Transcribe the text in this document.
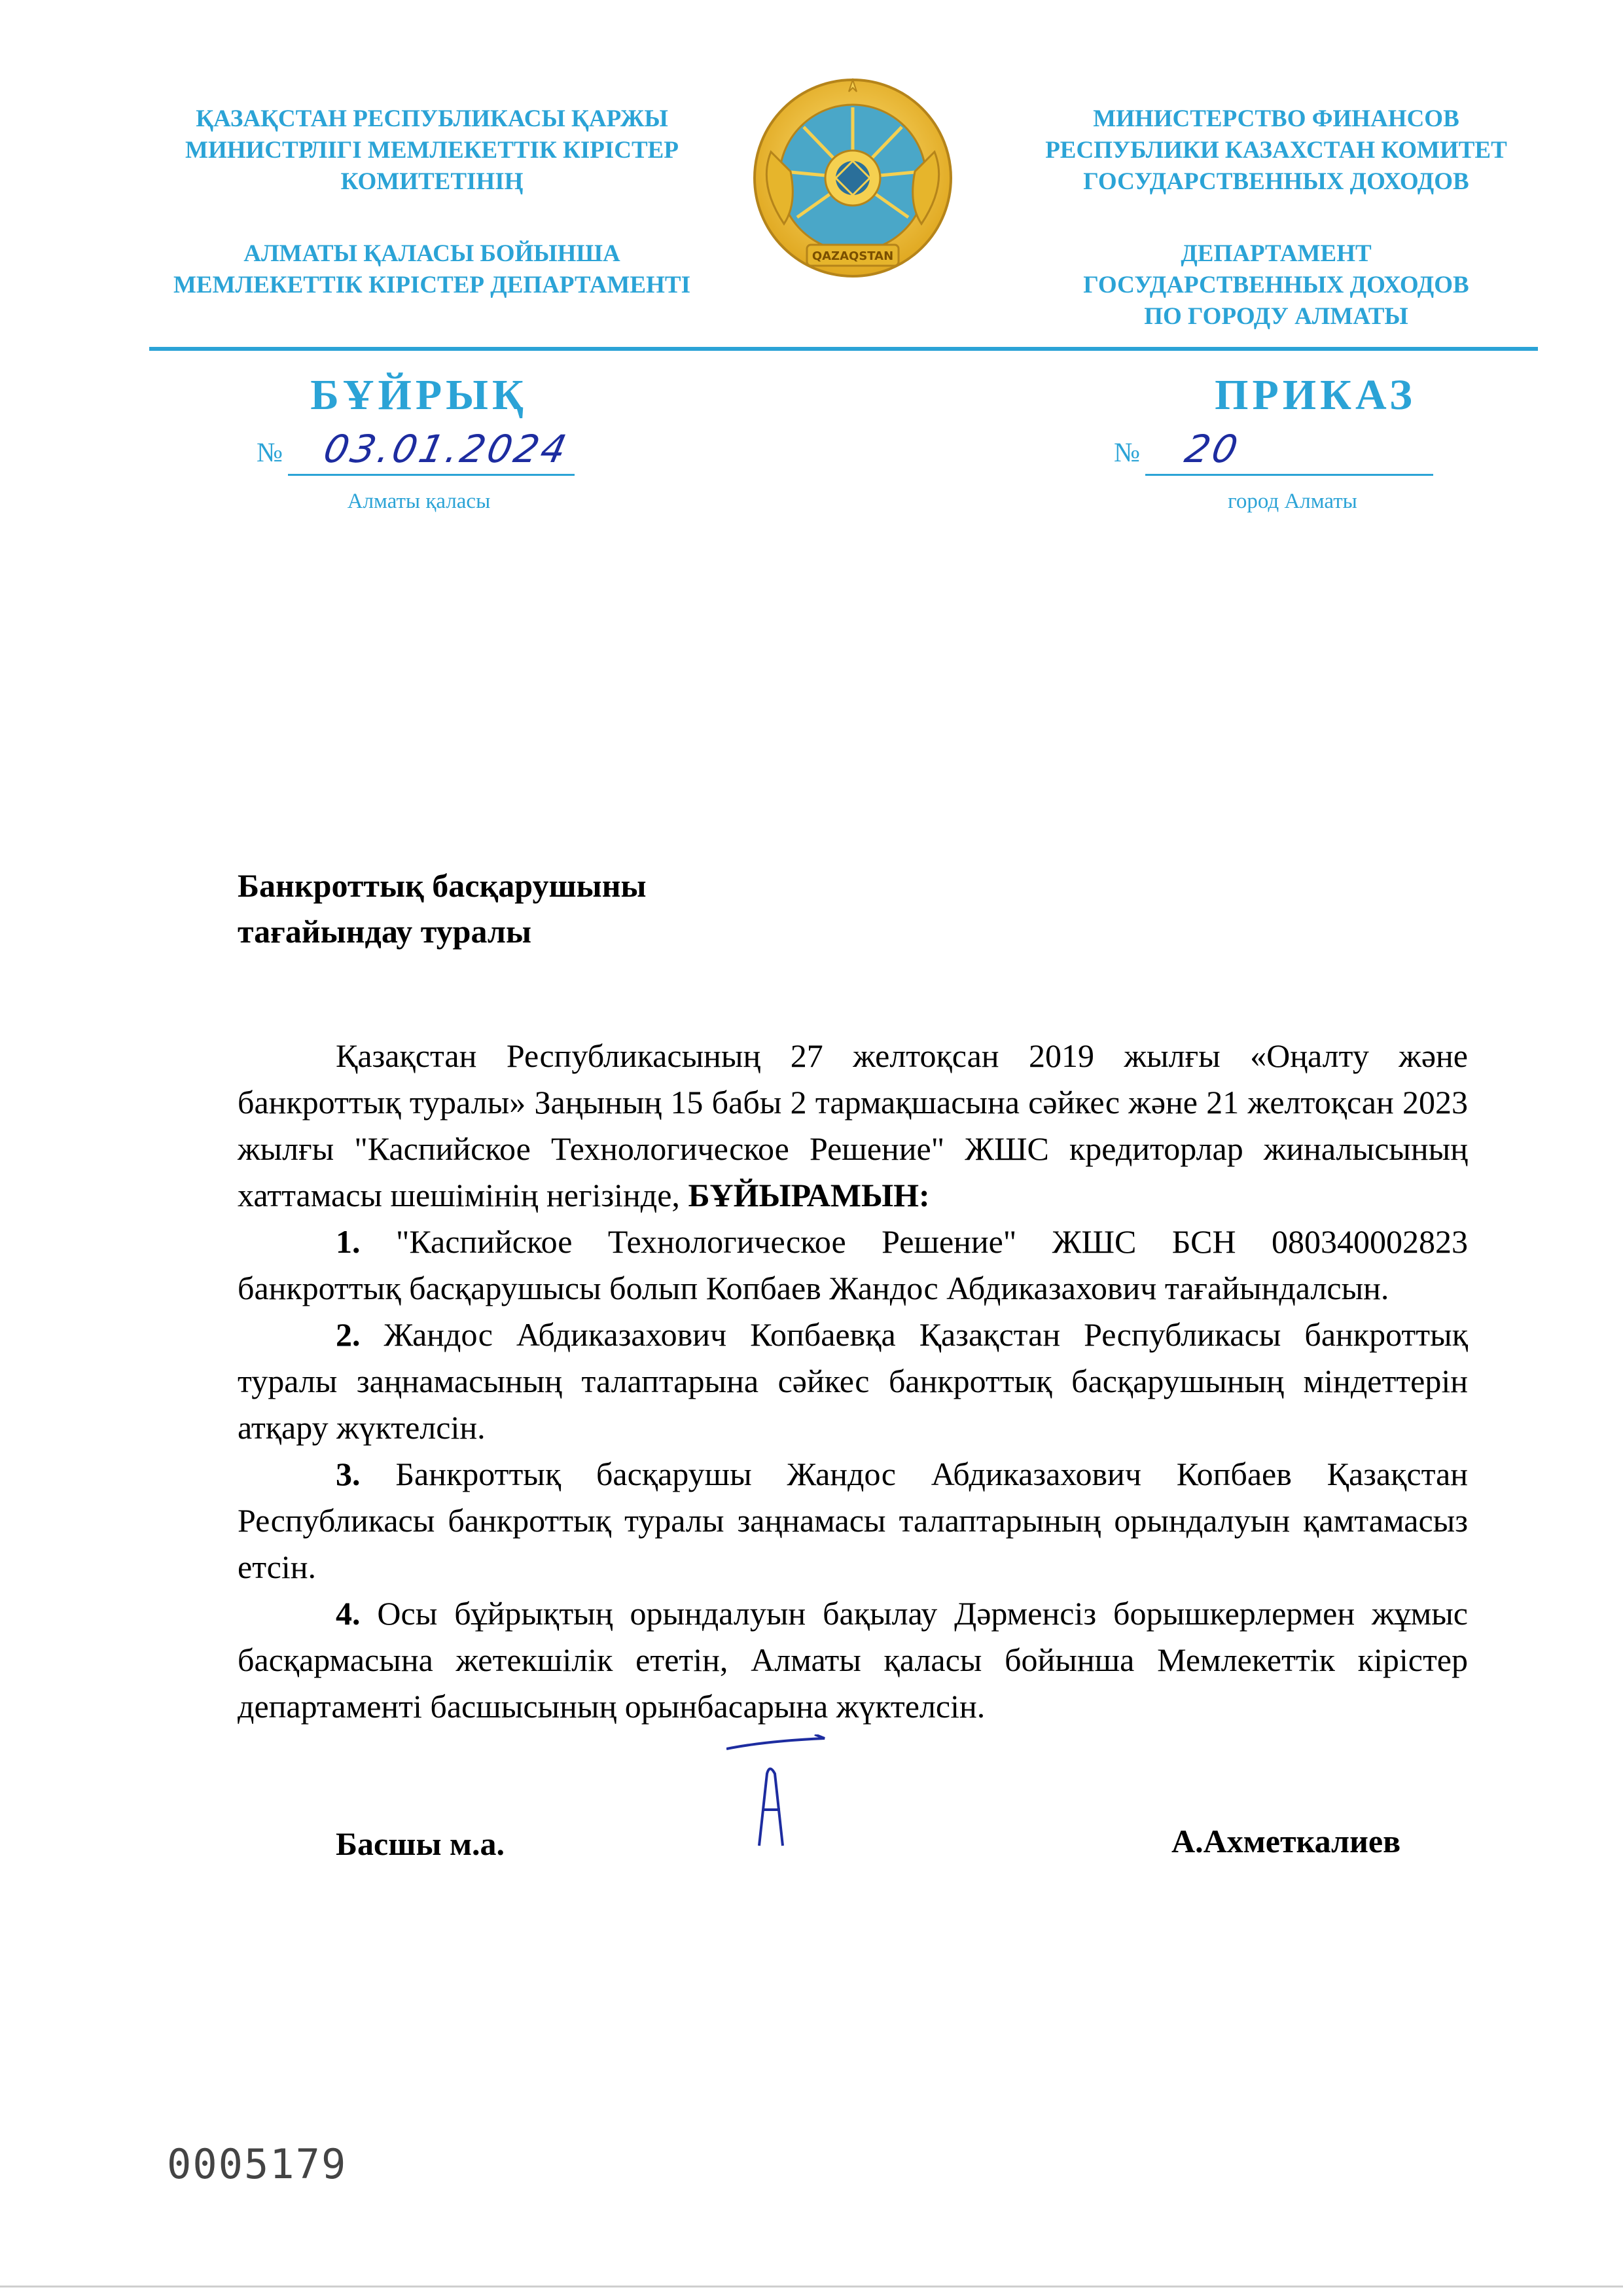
ҚАЗАҚСТАН РЕСПУБЛИКАСЫ ҚАРЖЫ
МИНИСТРЛІГІ МЕМЛЕКЕТТІК КІРІСТЕР
КОМИТЕТІНІҢ
АЛМАТЫ ҚАЛАСЫ БОЙЫНША
МЕМЛЕКЕТТІК КІРІСТЕР ДЕПАРТАМЕНТІ
QAZAQSTAN
МИНИСТЕРСТВО ФИНАНСОВ
РЕСПУБЛИКИ КАЗАХСТАН КОМИТЕТ
ГОСУДАРСТВЕННЫХ ДОХОДОВ
ДЕПАРТАМЕНТ
ГОСУДАРСТВЕННЫХ ДОХОДОВ
ПО ГОРОДУ АЛМАТЫ
БҰЙРЫҚ	ПРИКАЗ
№ 03.01.2024	№ 20
Алматы қаласы	город Алматы
Банкроттық басқарушыны
тағайындау туралы

Қазақстан Республикасының 27 желтоқсан 2019 жылғы «Оңалту және банкроттық туралы» Заңының 15 бабы 2 тармақшасына сәйкес және 21 желтоқсан 2023 жылғы "Каспийское Технологическое Решение" ЖШС кредиторлар жиналысының хаттамасы шешімінің негізінде, БҰЙЫРАМЫН:

1. "Каспийское Технологическое Решение" ЖШС БСН 080340002823 банкроттық басқарушысы болып Копбаев Жандос Абдиказахович тағайындалсын.

2. Жандос Абдиказахович Копбаевқа Қазақстан Республикасы банкроттық туралы заңнамасының талаптарына сәйкес банкроттық басқарушының міндеттерін атқару жүктелсін.

3. Банкроттық басқарушы Жандос Абдиказахович Копбаев Қазақстан Республикасы банкроттық туралы заңнамасы талаптарының орындалуын қамтамасыз етсін.

4. Осы бұйрықтың орындалуын бақылау Дәрменсіз борышкерлермен жұмыс басқармасына жетекшілік ететін, Алматы қаласы бойынша Мемлекеттік кірістер департаменті басшысының орынбасарына жүктелсін.

Басшы м.а.	А.Ахметкалиев
0005179
